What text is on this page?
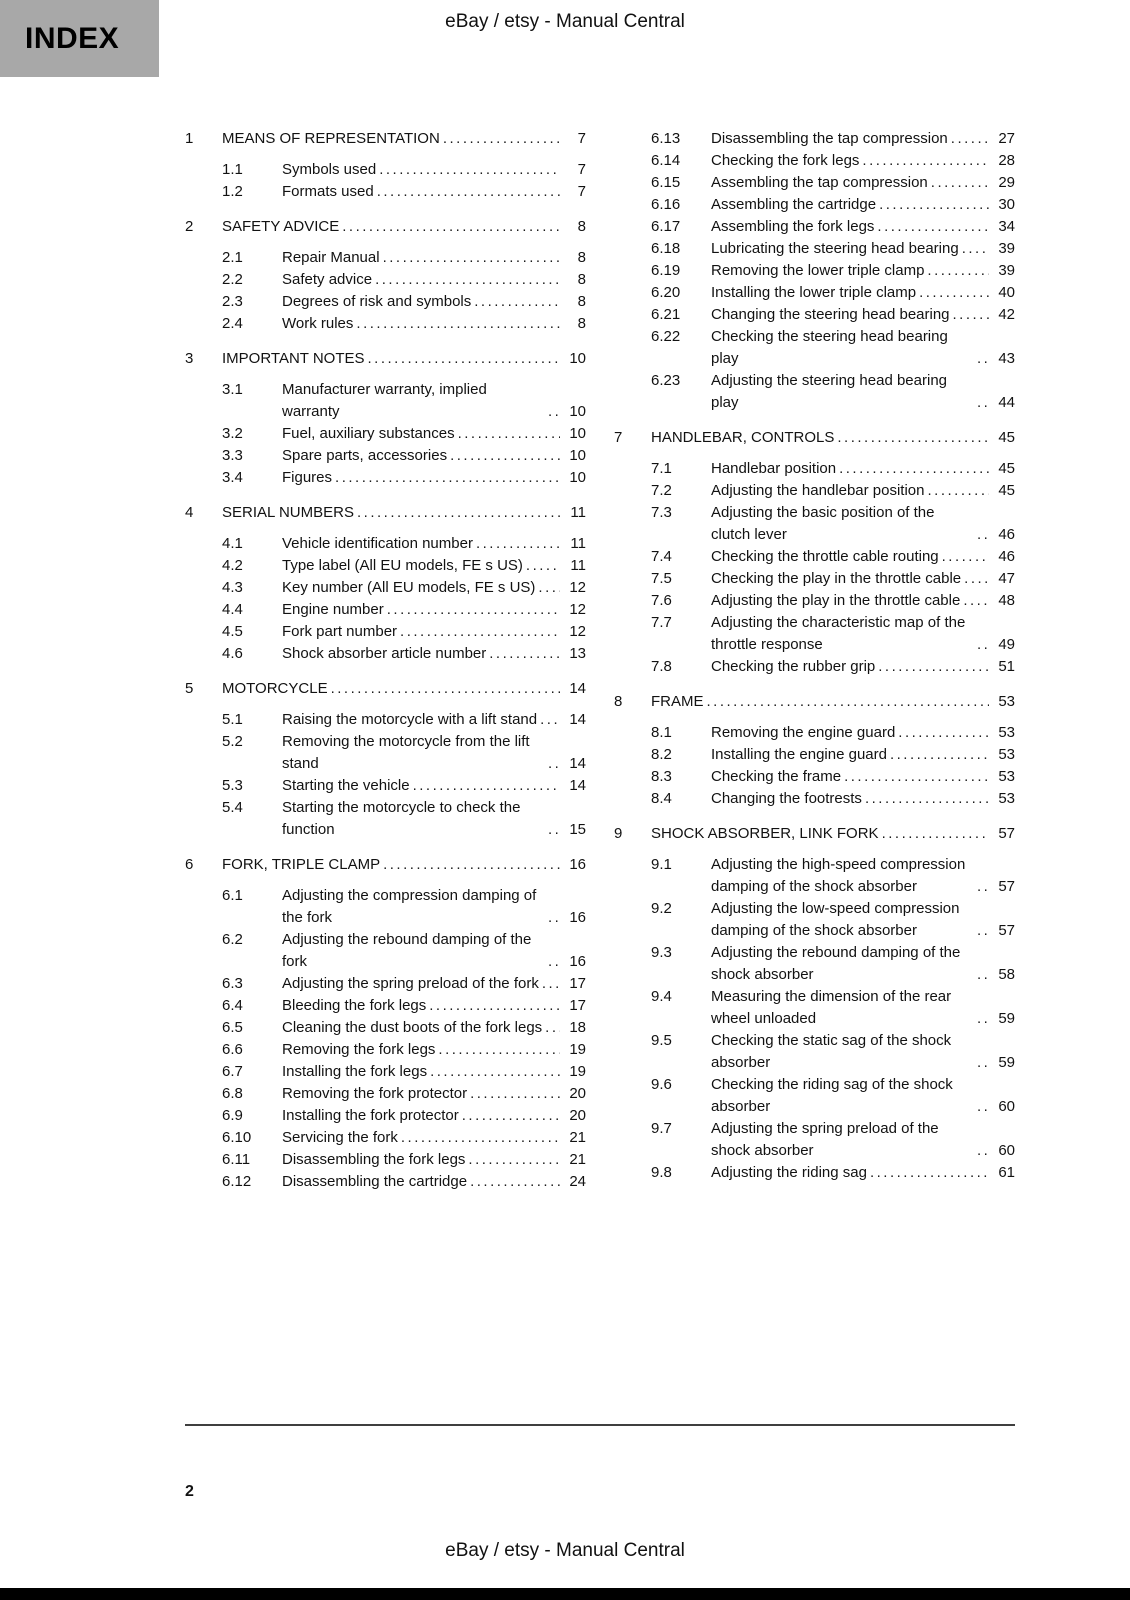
INDEX	eBay / etsy - Manual Central
1	MEANS OF REPRESENTATION .....	7
1.1	Symbols used .....	7
1.2	Formats used .....	7
2	SAFETY ADVICE .....	8
2.1	Repair Manual .....	8
2.2	Safety advice .....	8
2.3	Degrees of risk and symbols .....	8
2.4	Work rules .....	8
3	IMPORTANT NOTES .....	10
3.1	Manufacturer warranty, implied warranty .....	10
3.2	Fuel, auxiliary substances .....	10
3.3	Spare parts, accessories .....	10
3.4	Figures .....	10
4	SERIAL NUMBERS .....	11
4.1	Vehicle identification number .....	11
4.2	Type label (All EU models, FE s US) .....	11
4.3	Key number (All EU models, FE s US) .....	12
4.4	Engine number .....	12
4.5	Fork part number .....	12
4.6	Shock absorber article number .....	13
5	MOTORCYCLE .....	14
5.1	Raising the motorcycle with a lift stand .....	14
5.2	Removing the motorcycle from the lift stand .....	14
5.3	Starting the vehicle .....	14
5.4	Starting the motorcycle to check the function .....	15
6	FORK, TRIPLE CLAMP .....	16
6.1	Adjusting the compression damping of the fork .....	16
6.2	Adjusting the rebound damping of the fork .....	16
6.3	Adjusting the spring preload of the fork .....	17
6.4	Bleeding the fork legs .....	17
6.5	Cleaning the dust boots of the fork legs .....	18
6.6	Removing the fork legs .....	19
6.7	Installing the fork legs .....	19
6.8	Removing the fork protector .....	20
6.9	Installing the fork protector .....	20
6.10	Servicing the fork .....	21
6.11	Disassembling the fork legs .....	21
6.12	Disassembling the cartridge .....	24
6.13	Disassembling the tap compression .....	27
6.14	Checking the fork legs .....	28
6.15	Assembling the tap compression .....	29
6.16	Assembling the cartridge .....	30
6.17	Assembling the fork legs .....	34
6.18	Lubricating the steering head bearing .....	39
6.19	Removing the lower triple clamp .....	39
6.20	Installing the lower triple clamp .....	40
6.21	Changing the steering head bearing .....	42
6.22	Checking the steering head bearing play .....	43
6.23	Adjusting the steering head bearing play .....	44
7	HANDLEBAR, CONTROLS .....	45
7.1	Handlebar position .....	45
7.2	Adjusting the handlebar position .....	45
7.3	Adjusting the basic position of the clutch lever .....	46
7.4	Checking the throttle cable routing .....	46
7.5	Checking the play in the throttle cable .....	47
7.6	Adjusting the play in the throttle cable .....	48
7.7	Adjusting the characteristic map of the throttle response .....	49
7.8	Checking the rubber grip .....	51
8	FRAME .....	53
8.1	Removing the engine guard .....	53
8.2	Installing the engine guard .....	53
8.3	Checking the frame .....	53
8.4	Changing the footrests .....	53
9	SHOCK ABSORBER, LINK FORK .....	57
9.1	Adjusting the high-speed compression damping of the shock absorber .....	57
9.2	Adjusting the low-speed compression damping of the shock absorber .....	57
9.3	Adjusting the rebound damping of the shock absorber .....	58
9.4	Measuring the dimension of the rear wheel unloaded .....	59
9.5	Checking the static sag of the shock absorber .....	59
9.6	Checking the riding sag of the shock absorber .....	60
9.7	Adjusting the spring preload of the shock absorber .....	60
9.8	Adjusting the riding sag .....	61
2
eBay / etsy - Manual Central
